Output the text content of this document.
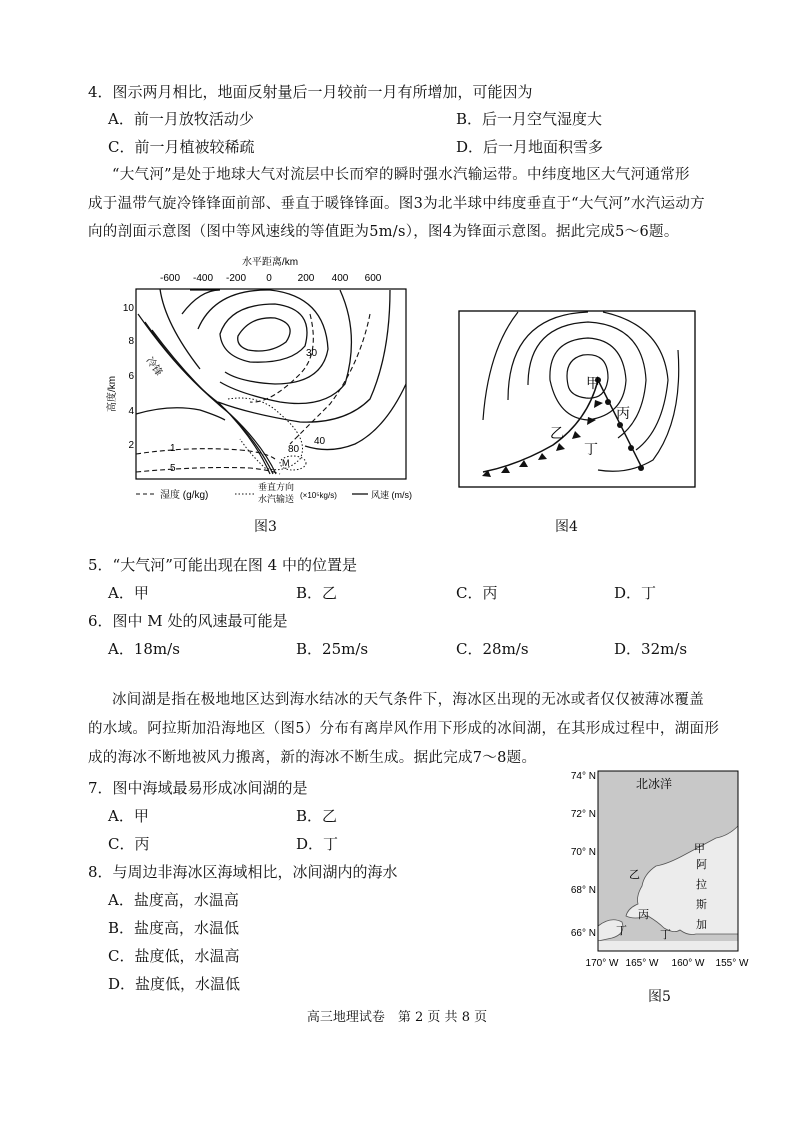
4．图示两月相比，地面反射量后一月较前一月有所增加，可能因为
A．前一月放牧活动少	B．后一月空气湿度大
C．前一月植被较稀疏	D．后一月地面积雪多
“大气河”是处于地球大气对流层中长而窄的瞬时强水汽输运带。中纬度地区大气河通常形
成于温带气旋冷锋锋面前部、垂直于暖锋锋面。图3为北半球中纬度垂直于“大气河”水汽运动方
向的剖面示意图（图中等风速线的等值距为5m/s），图4为锋面示意图。据此完成5～6题。
水平距离/km
-600 -400 -200 0	200 400 600
10
8
6
4
2
高度/km
冷锋
M
80
30
40
1
5
湿度 (g/kg)
垂直方向
水汽输送 (×10⁵kg/s)	风速 (m/s)
图3
甲
丙
乙
丁
图4
5．“大气河”可能出现在图 4 中的位置是
A．甲	B．乙	C．丙	D．丁
6．图中 M 处的风速最可能是
A．18m/s	B．25m/s	C．28m/s	D．32m/s
冰间湖是指在极地地区达到海水结冰的天气条件下，海冰区出现的无冰或者仅仅被薄冰覆盖
的水域。阿拉斯加沿海地区（图5）分布有离岸风作用下形成的冰间湖，在其形成过程中，湖面形
成的海冰不断地被风力搬离，新的海冰不断生成。据此完成7～8题。
7．图中海域最易形成冰间湖的是
A．甲	B．乙
C．丙	D．丁
8．与周边非海冰区海域相比，冰间湖内的海水
A．盐度高，水温高
B．盐度高，水温低
C．盐度低，水温高
D．盐度低，水温低
北冰洋
甲
乙
丙
丁	丁
阿
拉
斯
加
74° N
72° N
70° N
68° N
66° N
170° W 165° W 160° W 155° W
图5
高三地理试卷　第 2 页 共 8 页
